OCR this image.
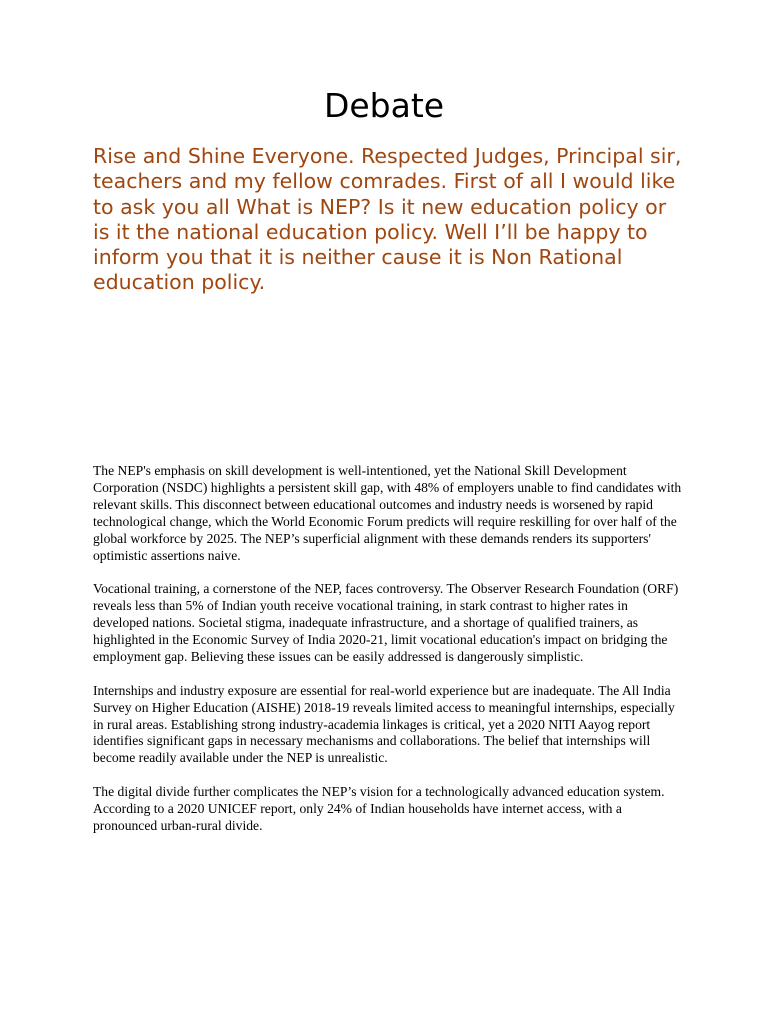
Debate

Rise and Shine Everyone. Respected Judges, Principal sir, teachers and my fellow comrades. First of all I would like to ask you all What is NEP? Is it new education policy or is it the national education policy. Well I’ll be happy to inform you that it is neither cause it is Non Rational education policy.

The NEP's emphasis on skill development is well-intentioned, yet the National Skill Development Corporation (NSDC) highlights a persistent skill gap, with 48% of employers unable to find candidates with relevant skills. This disconnect between educational outcomes and industry needs is worsened by rapid technological change, which the World Economic Forum predicts will require reskilling for over half of the global workforce by 2025. The NEP’s superficial alignment with these demands renders its supporters' optimistic assertions naive.

Vocational training, a cornerstone of the NEP, faces controversy. The Observer Research Foundation (ORF) reveals less than 5% of Indian youth receive vocational training, in stark contrast to higher rates in developed nations. Societal stigma, inadequate infrastructure, and a shortage of qualified trainers, as highlighted in the Economic Survey of India 2020-21, limit vocational education's impact on bridging the employment gap. Believing these issues can be easily addressed is dangerously simplistic.

Internships and industry exposure are essential for real-world experience but are inadequate. The All India Survey on Higher Education (AISHE) 2018-19 reveals limited access to meaningful internships, especially in rural areas. Establishing strong industry-academia linkages is critical, yet a 2020 NITI Aayog report identifies significant gaps in necessary mechanisms and collaborations. The belief that internships will become readily available under the NEP is unrealistic.

The digital divide further complicates the NEP’s vision for a technologically advanced education system. According to a 2020 UNICEF report, only 24% of Indian households have internet access, with a pronounced urban-rural divide.
